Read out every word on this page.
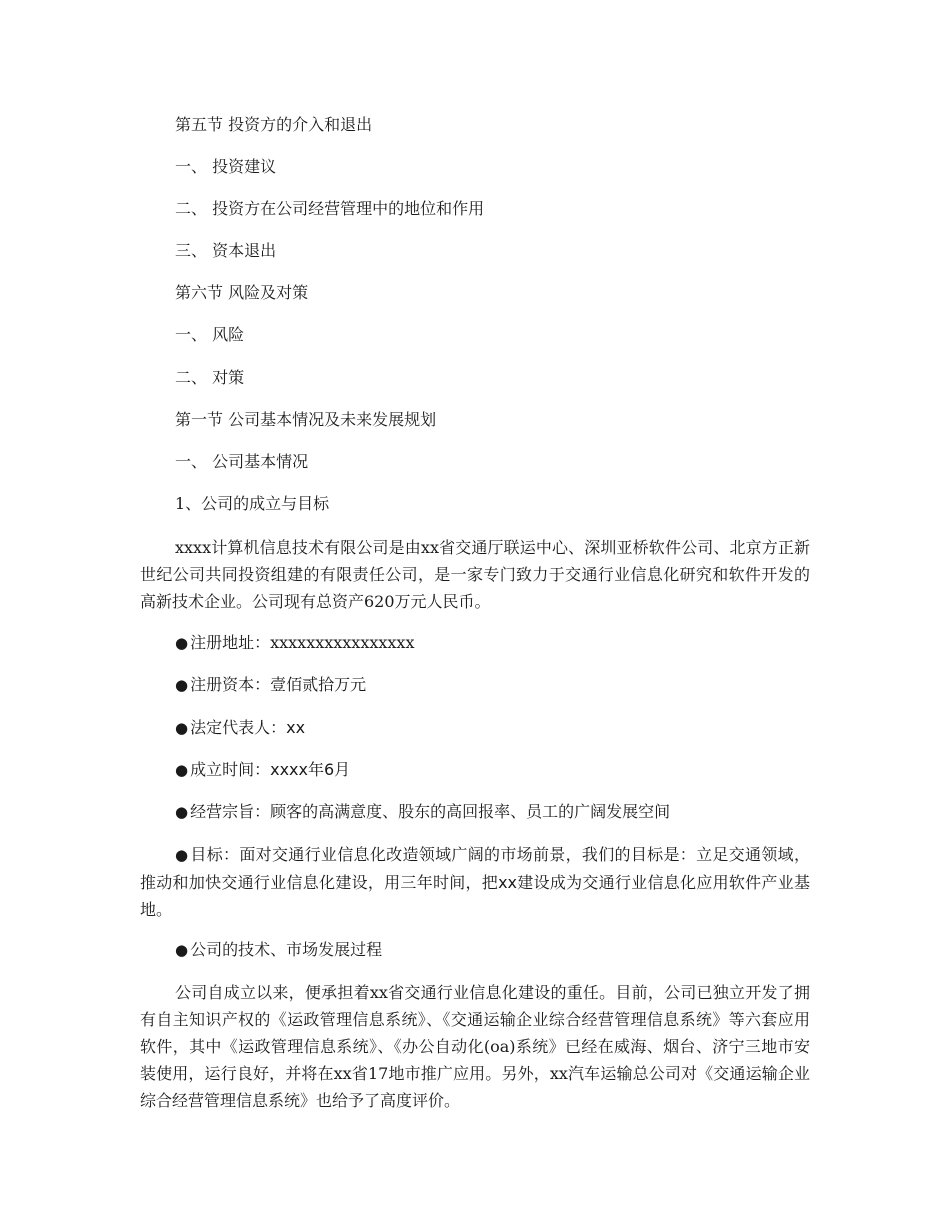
第五节 投资方的介入和退出
一、 投资建议
二、 投资方在公司经营管理中的地位和作用
三、 资本退出
第六节 风险及对策
一、 风险
二、 对策
第一节 公司基本情况及未来发展规划
一、 公司基本情况
1、公司的成立与目标

xxxx计算机信息技术有限公司是由xx省交通厅联运中心、深圳亚桥软件公司、北京方正新世纪公司共同投资组建的有限责任公司，是一家专门致力于交通行业信息化研究和软件开发的高新技术企业。公司现有总资产620万元人民币。

● 注册地址：xxxxxxxxxxxxxxxx
● 注册资本：壹佰贰拾万元
● 法定代表人：xx
● 成立时间：xxxx年6月
● 经营宗旨：顾客的高满意度、股东的高回报率、员工的广阔发展空间

● 目标：面对交通行业信息化改造领域广阔的市场前景，我们的目标是：立足交通领域，推动和加快交通行业信息化建设，用三年时间，把xx建设成为交通行业信息化应用软件产业基地。

● 公司的技术、市场发展过程

公司自成立以来，便承担着xx省交通行业信息化建设的重任。目前，公司已独立开发了拥有自主知识产权的《运政管理信息系统》、《交通运输企业综合经营管理信息系统》等六套应用软件，其中《运政管理信息系统》、《办公自动化(oa)系统》已经在威海、烟台、济宁三地市安装使用，运行良好，并将在xx省17地市推广应用。另外，xx汽车运输总公司对《交通运输企业综合经营管理信息系统》也给予了高度评价。
